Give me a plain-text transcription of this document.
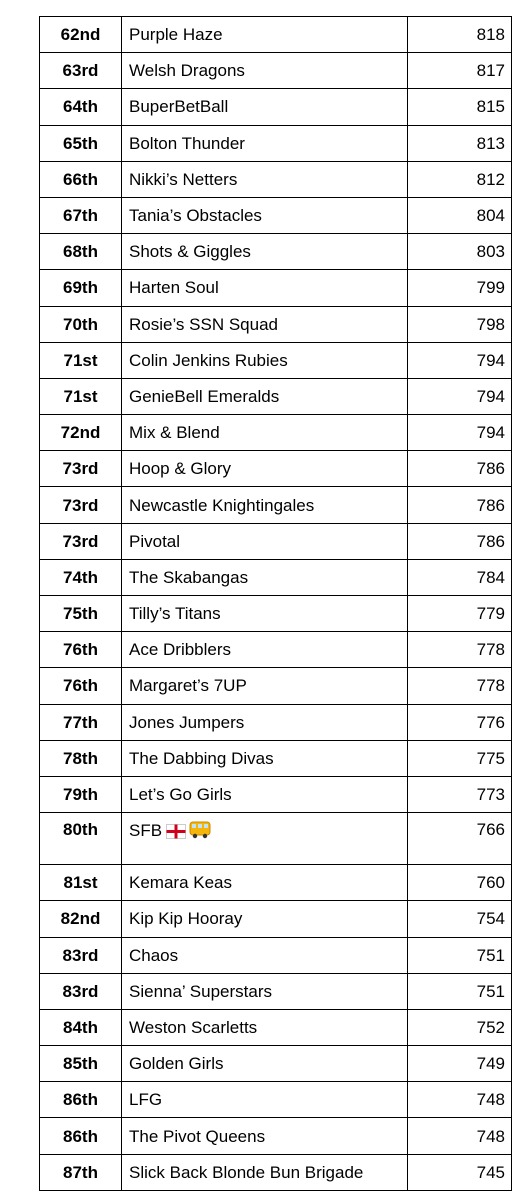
62nd	Purple Haze	818
63rd	Welsh Dragons	817
64th	BuperBetBall	815
65th	Bolton Thunder	813
66th	Nikki’s Netters	812
67th	Tania’s Obstacles	804
68th	Shots & Giggles	803
69th	Harten Soul	799
70th	Rosie’s SSN Squad	798
71st	Colin Jenkins Rubies	794
71st	GenieBell Emeralds	794
72nd	Mix & Blend	794
73rd	Hoop & Glory	786
73rd	Newcastle Knightingales	786
73rd	Pivotal	786
74th	The Skabangas	784
75th	Tilly’s Titans	779
76th	Ace Dribblers	778
76th	Margaret’s 7UP	778
77th	Jones Jumpers	776
78th	The Dabbing Divas	775
79th	Let’s Go Girls	773
80th	SFB	766
81st	Kemara Keas	760
82nd	Kip Kip Hooray	754
83rd	Chaos	751
83rd	Sienna’ Superstars	751
84th	Weston Scarletts	752
85th	Golden Girls	749
86th	LFG	748
86th	The Pivot Queens	748
87th	Slick Back Blonde Bun Brigade	745
